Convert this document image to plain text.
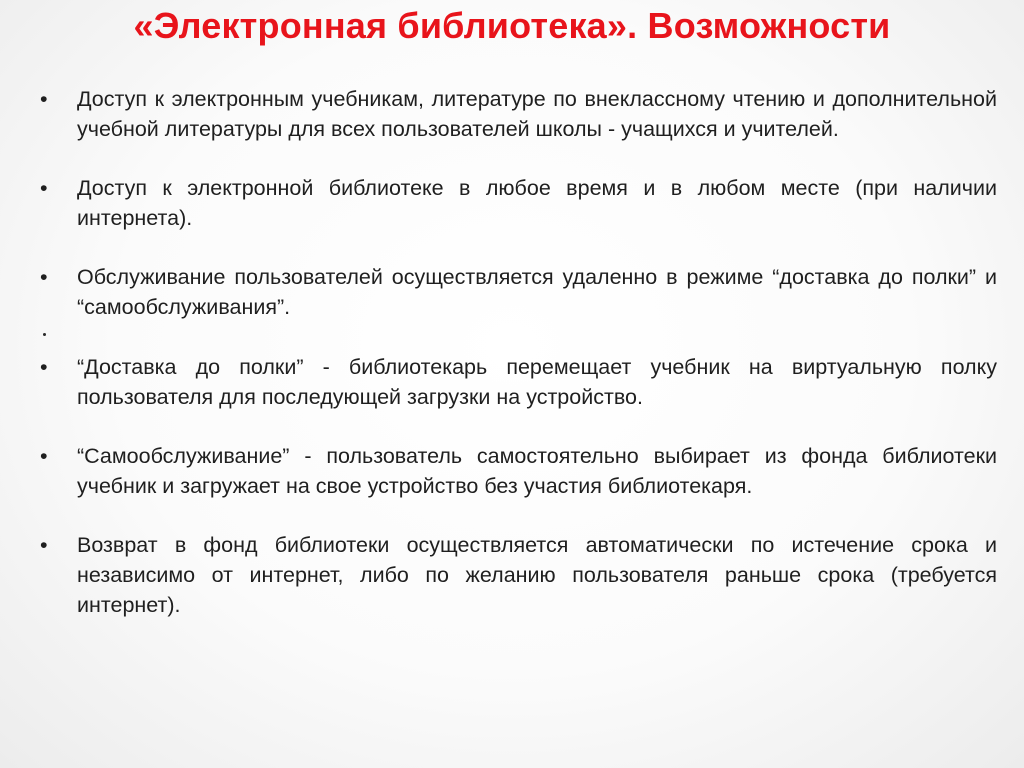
«Электронная библиотека». Возможности
•	Доступ к электронным учебникам, литературе по внеклассному чтению и дополнительной учебной литературы для всех пользователей школы - учащихся и учителей.
•	Доступ к электронной библиотеке в любое время и в любом месте (при наличии интернета).
•	Обслуживание пользователей осуществляется удаленно в режиме “доставка до полки” и “самообслуживания”.
•	“Доставка до полки” - библиотекарь перемещает учебник на виртуальную полку пользователя для последующей загрузки на устройство.
•	“Самообслуживание” - пользователь самостоятельно выбирает из фонда библиотеки учебник и загружает на свое устройство без участия библиотекаря.
•	Возврат в фонд библиотеки осуществляется автоматически по истечение срока и независимо от интернет, либо по желанию пользователя раньше срока (требуется интернет).
